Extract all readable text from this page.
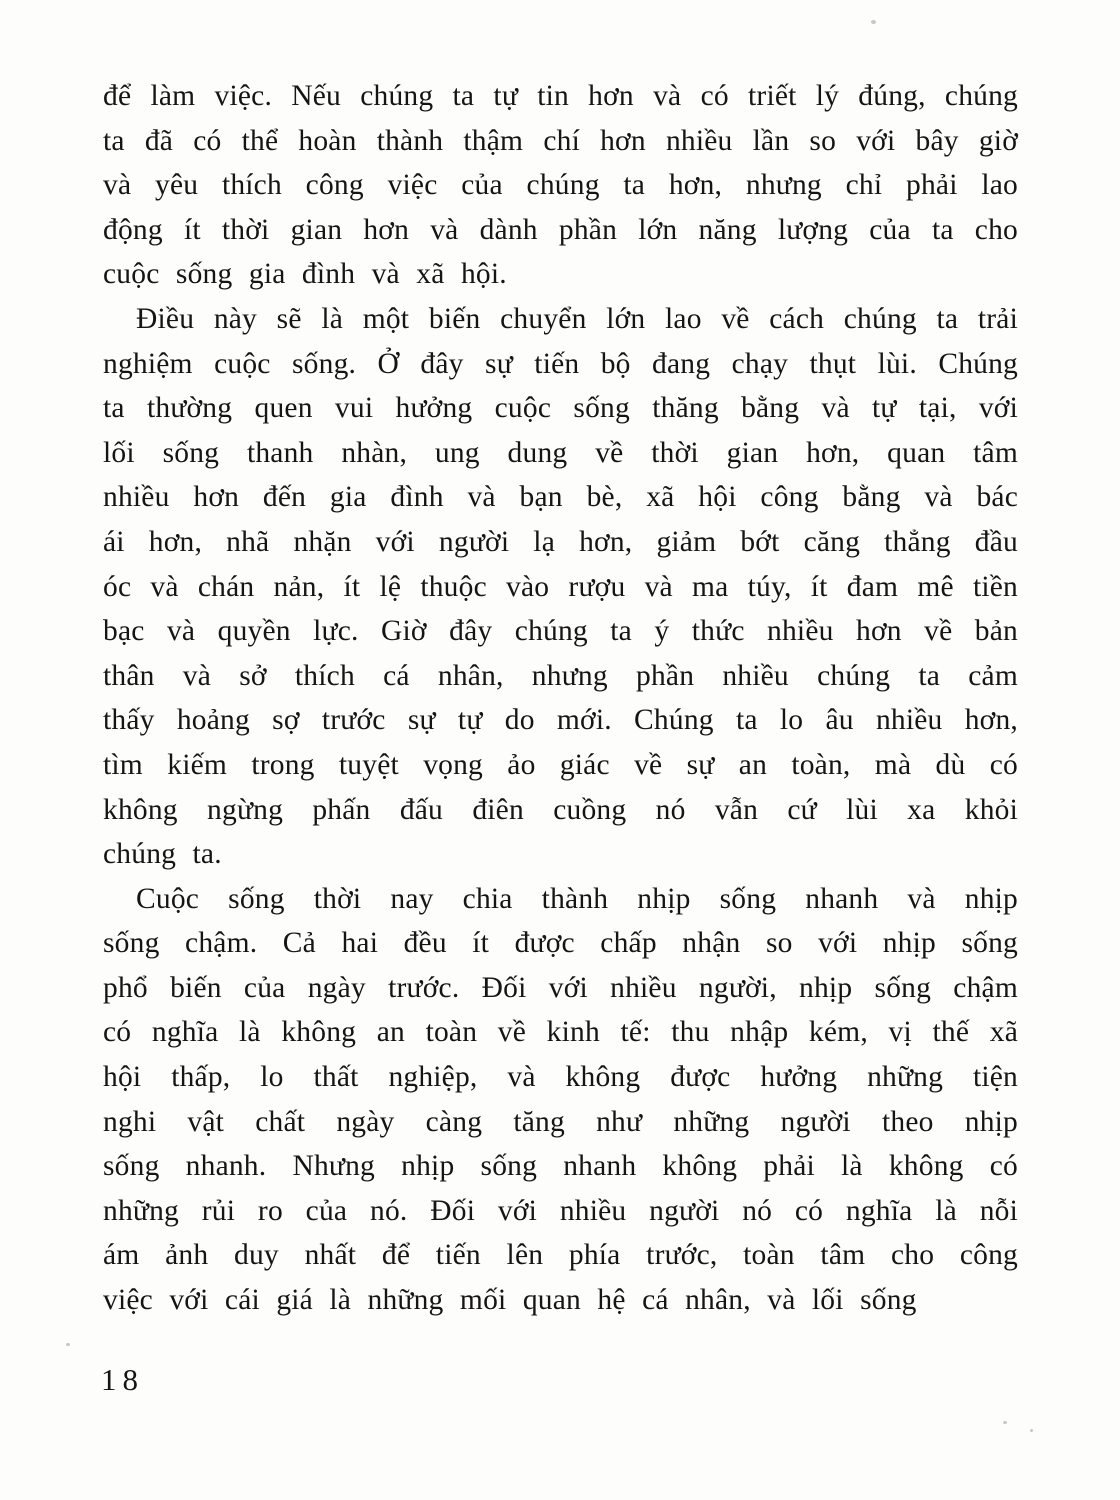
để làm việc. Nếu chúng ta tự tin hơn và có triết lý đúng, chúng
ta đã có thể hoàn thành thậm chí hơn nhiều lần so với bây giờ
và yêu thích công việc của chúng ta hơn, nhưng chỉ phải lao
động ít thời gian hơn và dành phần lớn năng lượng của ta cho
cuộc sống gia đình và xã hội.
Điều này sẽ là một biến chuyển lớn lao về cách chúng ta trải
nghiệm cuộc sống. Ở đây sự tiến bộ đang chạy thụt lùi. Chúng
ta thường quen vui hưởng cuộc sống thăng bằng và tự tại, với
lối sống thanh nhàn, ung dung về thời gian hơn, quan tâm
nhiều hơn đến gia đình và bạn bè, xã hội công bằng và bác
ái hơn, nhã nhặn với người lạ hơn, giảm bớt căng thẳng đầu
óc và chán nản, ít lệ thuộc vào rượu và ma túy, ít đam mê tiền
bạc và quyền lực. Giờ đây chúng ta ý thức nhiều hơn về bản
thân và sở thích cá nhân, nhưng phần nhiều chúng ta cảm
thấy hoảng sợ trước sự tự do mới. Chúng ta lo âu nhiều hơn,
tìm kiếm trong tuyệt vọng ảo giác về sự an toàn, mà dù có
không ngừng phấn đấu điên cuồng nó vẫn cứ lùi xa khỏi
chúng ta.
Cuộc sống thời nay chia thành nhịp sống nhanh và nhịp
sống chậm. Cả hai đều ít được chấp nhận so với nhịp sống
phổ biến của ngày trước. Đối với nhiều người, nhịp sống chậm
có nghĩa là không an toàn về kinh tế: thu nhập kém, vị thế xã
hội thấp, lo thất nghiệp, và không được hưởng những tiện
nghi vật chất ngày càng tăng như những người theo nhịp
sống nhanh. Nhưng nhịp sống nhanh không phải là không có
những rủi ro của nó. Đối với nhiều người nó có nghĩa là nỗi
ám ảnh duy nhất để tiến lên phía trước, toàn tâm cho công
việc với cái giá là những mối quan hệ cá nhân, và lối sống
18
